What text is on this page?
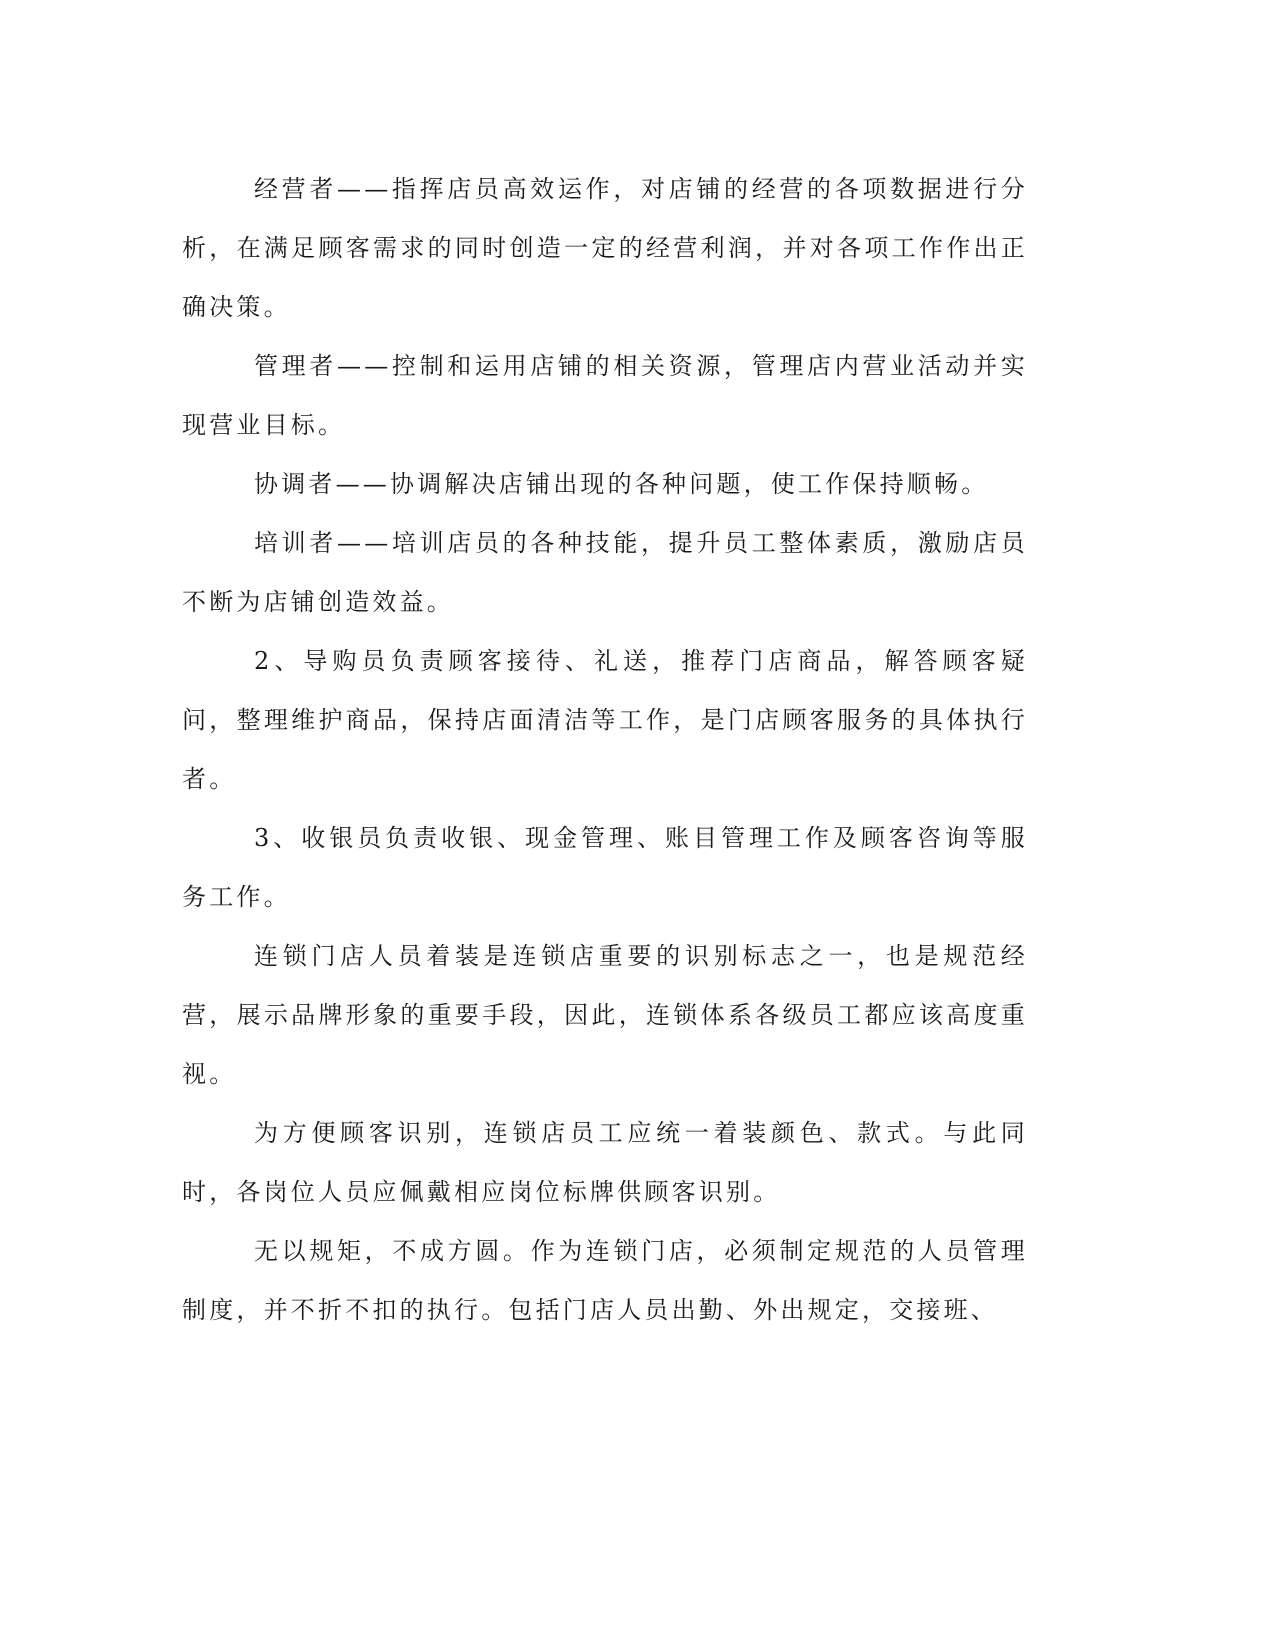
经营者——指挥店员高效运作，对店铺的经营的各项数据进行分析，在满足顾客需求的同时创造一定的经营利润，并对各项工作作出正确决策。

管理者——控制和运用店铺的相关资源，管理店内营业活动并实现营业目标。

协调者——协调解决店铺出现的各种问题，使工作保持顺畅。

培训者——培训店员的各种技能，提升员工整体素质，激励店员不断为店铺创造效益。

2、导购员负责顾客接待、礼送，推荐门店商品，解答顾客疑问，整理维护商品，保持店面清洁等工作，是门店顾客服务的具体执行者。

3、收银员负责收银、现金管理、账目管理工作及顾客咨询等服务工作。

连锁门店人员着装是连锁店重要的识别标志之一，也是规范经营，展示品牌形象的重要手段，因此，连锁体系各级员工都应该高度重视。

为方便顾客识别，连锁店员工应统一着装颜色、款式。与此同时，各岗位人员应佩戴相应岗位标牌供顾客识别。

无以规矩，不成方圆。作为连锁门店，必须制定规范的人员管理制度，并不折不扣的执行。包括门店人员出勤、外出规定，交接班、
